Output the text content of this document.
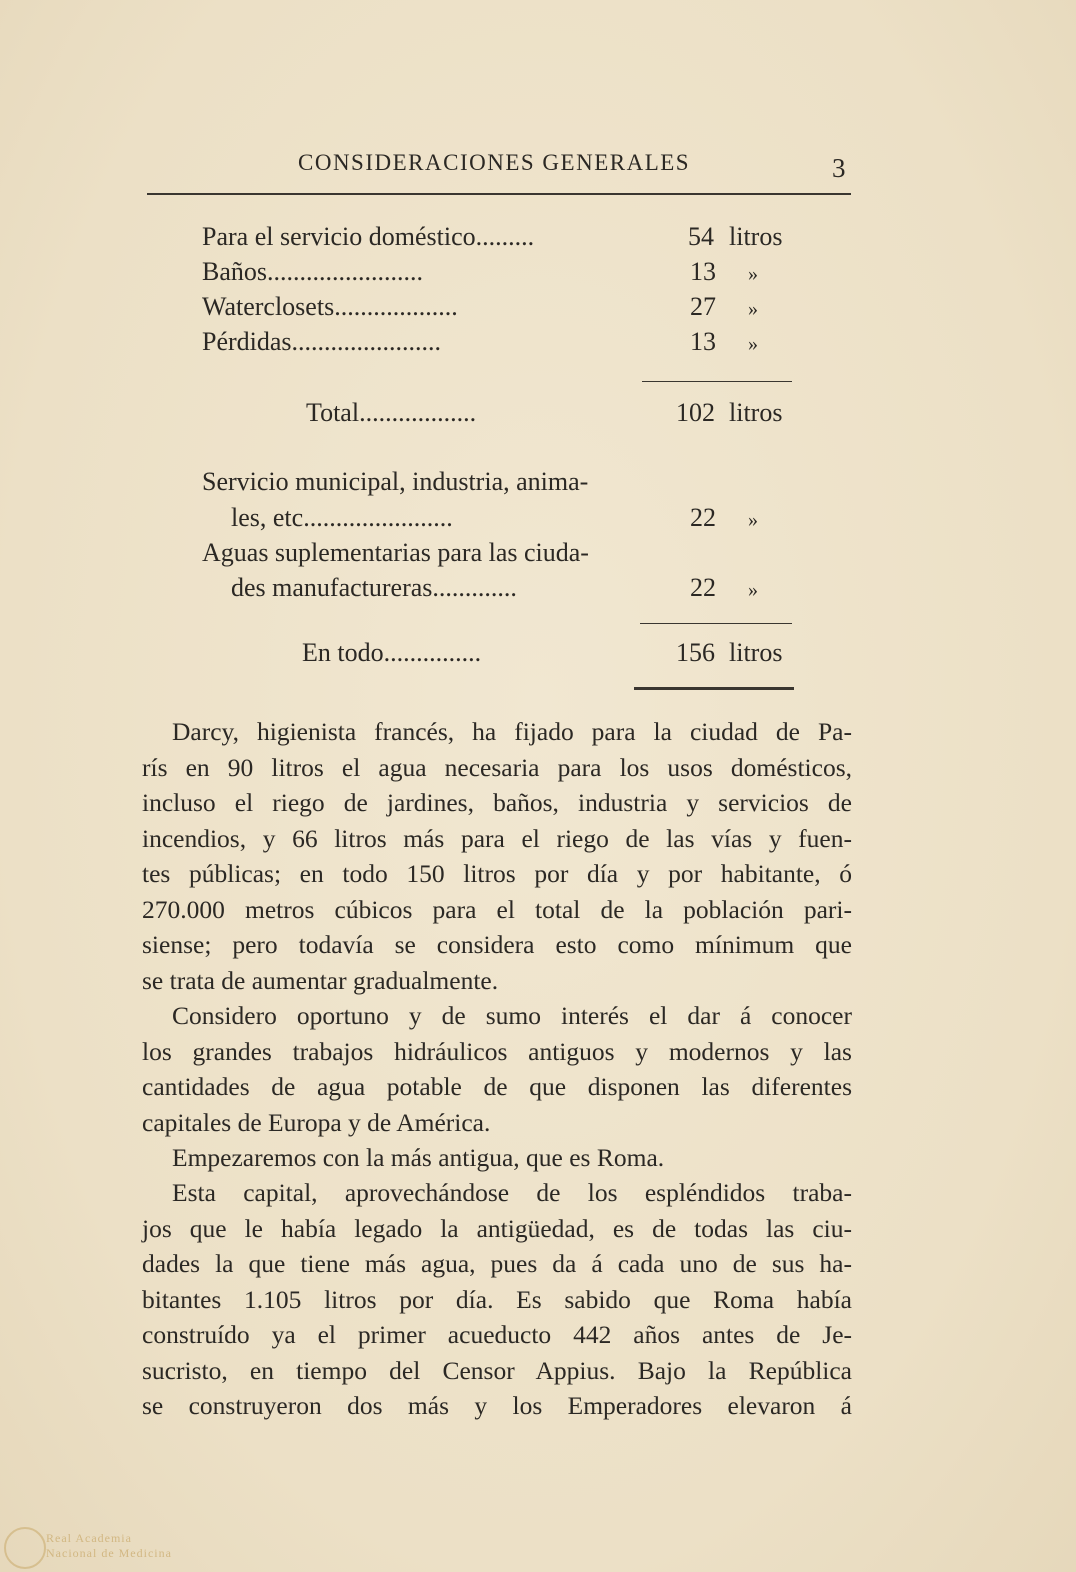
CONSIDERACIONES GENERALES	3
Para el servicio doméstico.........	54 litros
Baños........................	13 »
Waterclosets...................	27 »
Pérdidas.......................	13 »
Total..................	102 litros
Servicio municipal, industria, anima-
les, etc.......................	22 »
Aguas suplementarias para las ciuda-
des manufactureras.............	22 »
En todo...............	156 litros
Darcy, higienista francés, ha fijado para la ciudad de Pa-
rís en 90 litros el agua necesaria para los usos domésticos,
incluso el riego de jardines, baños, industria y servicios de
incendios, y 66 litros más para el riego de las vías y fuen-
tes públicas; en todo 150 litros por día y por habitante, ó
270.000 metros cúbicos para el total de la población pari-
siense; pero todavía se considera esto como mínimum que
se trata de aumentar gradualmente.
Considero oportuno y de sumo interés el dar á conocer
los grandes trabajos hidráulicos antiguos y modernos y las
cantidades de agua potable de que disponen las diferentes
capitales de Europa y de América.
Empezaremos con la más antigua, que es Roma.
Esta capital, aprovechándose de los espléndidos traba-
jos que le había legado la antigüedad, es de todas las ciu-
dades la que tiene más agua, pues da á cada uno de sus ha-
bitantes 1.105 litros por día. Es sabido que Roma había
construído ya el primer acueducto 442 años antes de Je-
sucristo, en tiempo del Censor Appius. Bajo la República
se construyeron dos más y los Emperadores elevaron á
Real Academia
Nacional de Medicina
